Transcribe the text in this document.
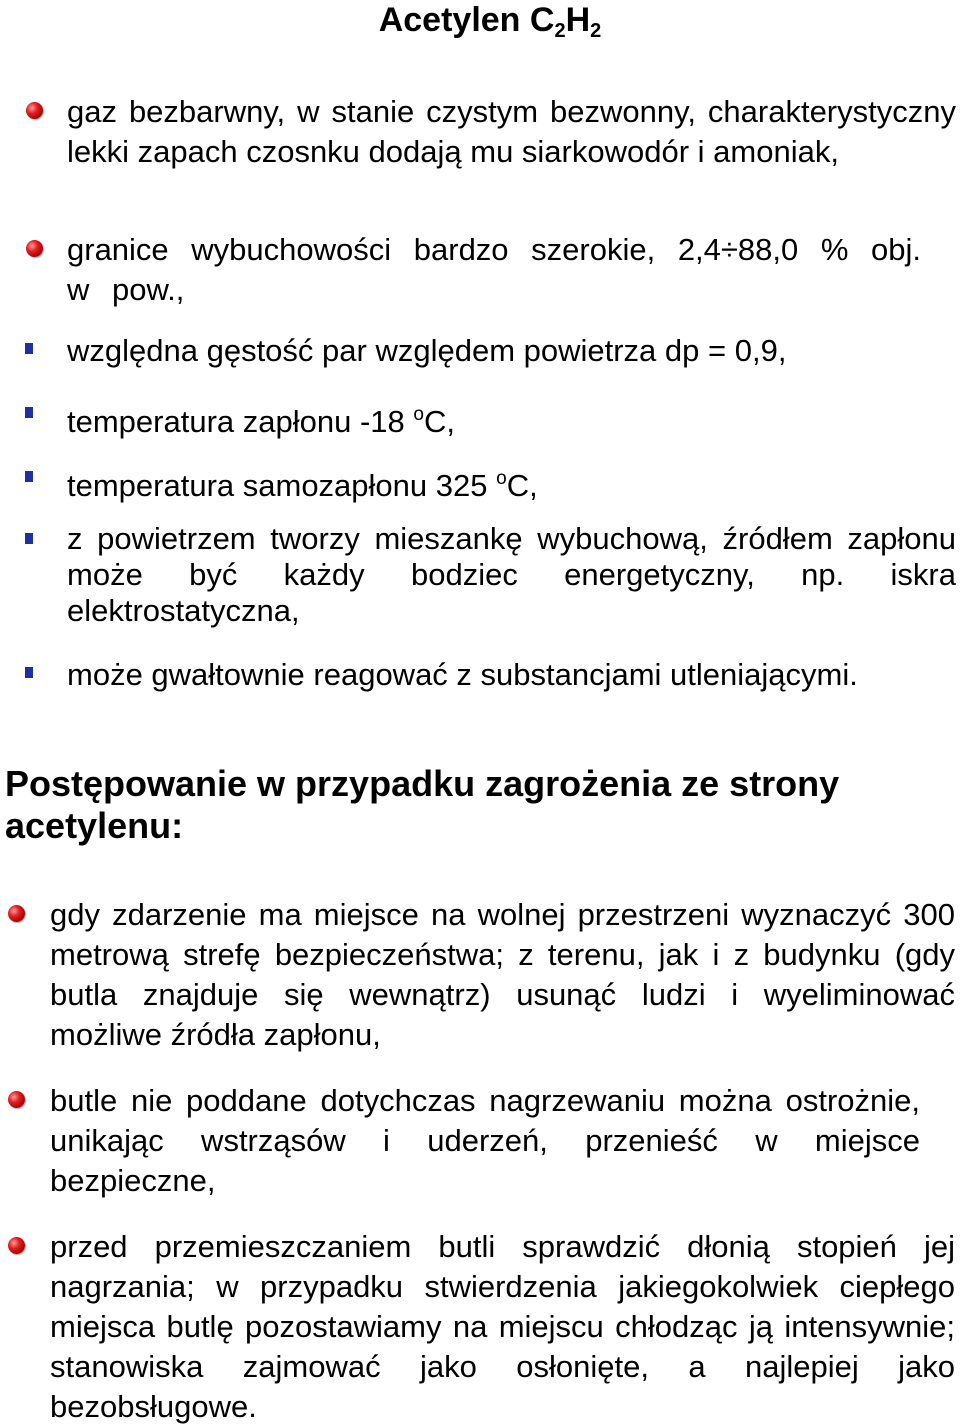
Acetylen $C_2H_2$

gaz bezbarwny, w stanie czystym bezwonny, charakterystyczny lekki zapach czosnku dodają mu siarkowodór i amoniak,

granice wybuchowości bardzo szerokie, 2,4÷88,0 % obj. w pow.,

względna gęstość par względem powietrza dp = 0,9,

temperatura zapłonu -18 $^o$C,

temperatura samozapłonu 325 $^o$C,

z powietrzem tworzy mieszankę wybuchową, źródłem zapłonu może być każdy bodziec energetyczny, np. iskra elektrostatyczna,

może gwałtownie reagować z substancjami utleniającymi.

Postępowanie w przypadku zagrożenia ze strony acetylenu:

gdy zdarzenie ma miejsce na wolnej przestrzeni wyznaczyć 300 metrową strefę bezpieczeństwa; z terenu, jak i z budynku (gdy butla znajduje się wewnątrz) usunąć ludzi i wyeliminować możliwe źródła zapłonu,

butle nie poddane dotychczas nagrzewaniu można ostrożnie, unikając wstrząsów i uderzeń, przenieść w miejsce bezpieczne,

przed przemieszczaniem butli sprawdzić dłonią stopień jej nagrzania; w przypadku stwierdzenia jakiegokolwiek ciepłego miejsca butlę pozostawiamy na miejscu chłodząc ją intensywnie; stanowiska zajmować jako osłonięte, a najlepiej jako bezobsługowe.
